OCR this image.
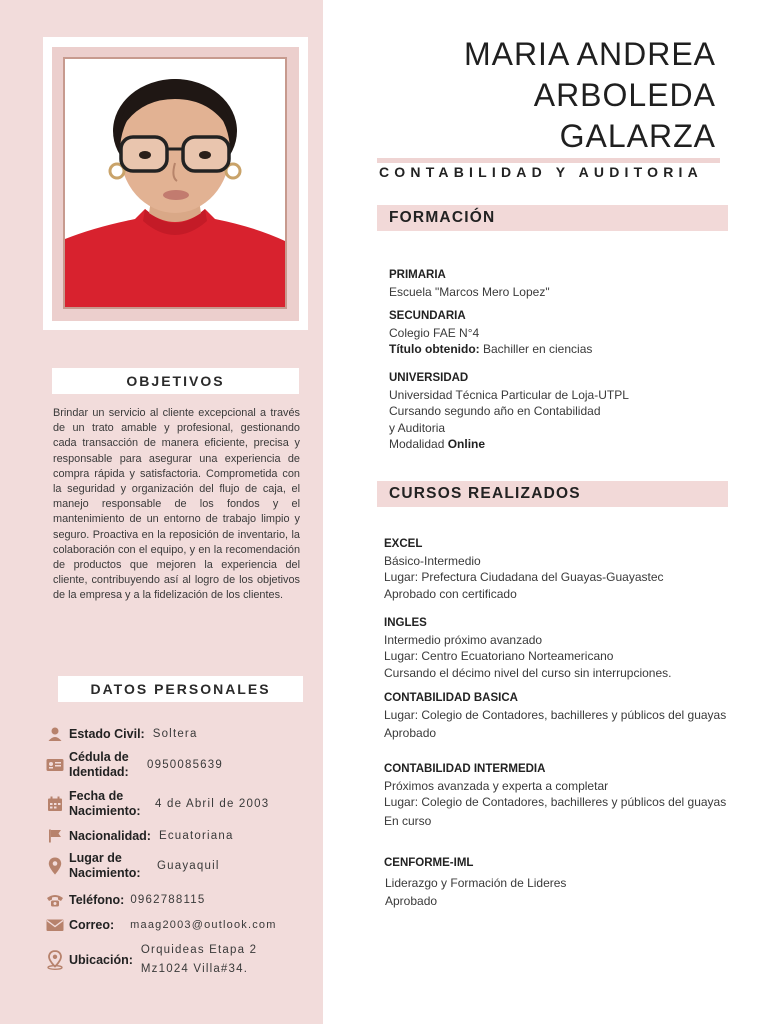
OBJETIVOS
Brindar un servicio al cliente excepcional a través de un trato amable y profesional, gestionando cada transacción de manera eficiente, precisa y responsable para asegurar una experiencia de compra rápida y satisfactoria. Comprometida con la seguridad y organización del flujo de caja, el manejo responsable de los fondos y el mantenimiento de un entorno de trabajo limpio y seguro. Proactiva en la reposición de inventario, la colaboración con el equipo, y en la recomendación de productos que mejoren la experiencia del cliente, contribuyendo así al logro de los objetivos de la empresa y a la fidelización de los clientes.
DATOS PERSONALES
Estado Civil: Soltera
Cédula de Identidad:
0950085639
Fecha de Nacimiento:
4 de Abril de 2003
Nacionalidad: Ecuatoriana
Lugar de Nacimiento:
Guayaquil
Teléfono: 0962788115
Correo: maag2003@outlook.com
Ubicación:
Orquideas Etapa 2 Mz1024 Villa#34.
MARIA ANDREA
ARBOLEDA
GALARZA
CONTABILIDAD Y AUDITORIA
FORMACIÓN
PRIMARIA
Escuela "Marcos Mero Lopez"
SECUNDARIA
Colegio FAE N°4
Título obtenido: Bachiller en ciencias
UNIVERSIDAD
Universidad Técnica Particular de Loja-UTPL
Cursando segundo año en Contabilidad
y Auditoria
Modalidad Online
CURSOS REALIZADOS
EXCEL
Básico-Intermedio
Lugar: Prefectura Ciudadana del Guayas-Guayastec
Aprobado con certificado
INGLES
Intermedio próximo avanzado
Lugar: Centro Ecuatoriano Norteamericano
Cursando el décimo nivel del curso sin interrupciones.
CONTABILIDAD BASICA
Lugar: Colegio de Contadores, bachilleres y públicos del guayas
Aprobado
CONTABILIDAD INTERMEDIA
Próximos avanzada y experta a completar
Lugar: Colegio de Contadores, bachilleres y públicos del guayas
En curso
CENFORME-IML
Liderazgo y Formación de Lideres
Aprobado
